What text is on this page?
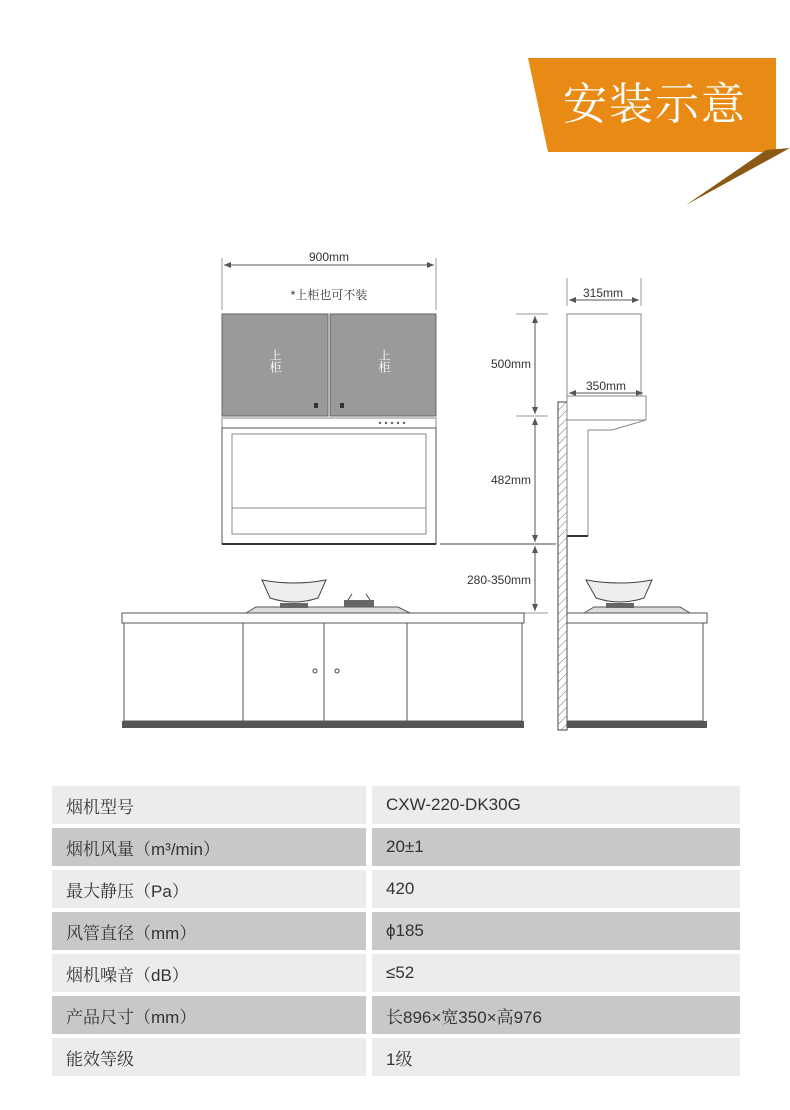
安装示意
900mm
*上柜也可不装
上柜	上柜	500mm
482mm
280-350mm
315mm
350mm
烟机型号		CXW-220-DK30G
烟机风量（m³/min）		20±1
最大静压（Pa）		420
风管直径（mm）		ϕ185
烟机噪音（dB）		≤52
产品尺寸（mm）		长896×宽350×高976
能效等级		1级
